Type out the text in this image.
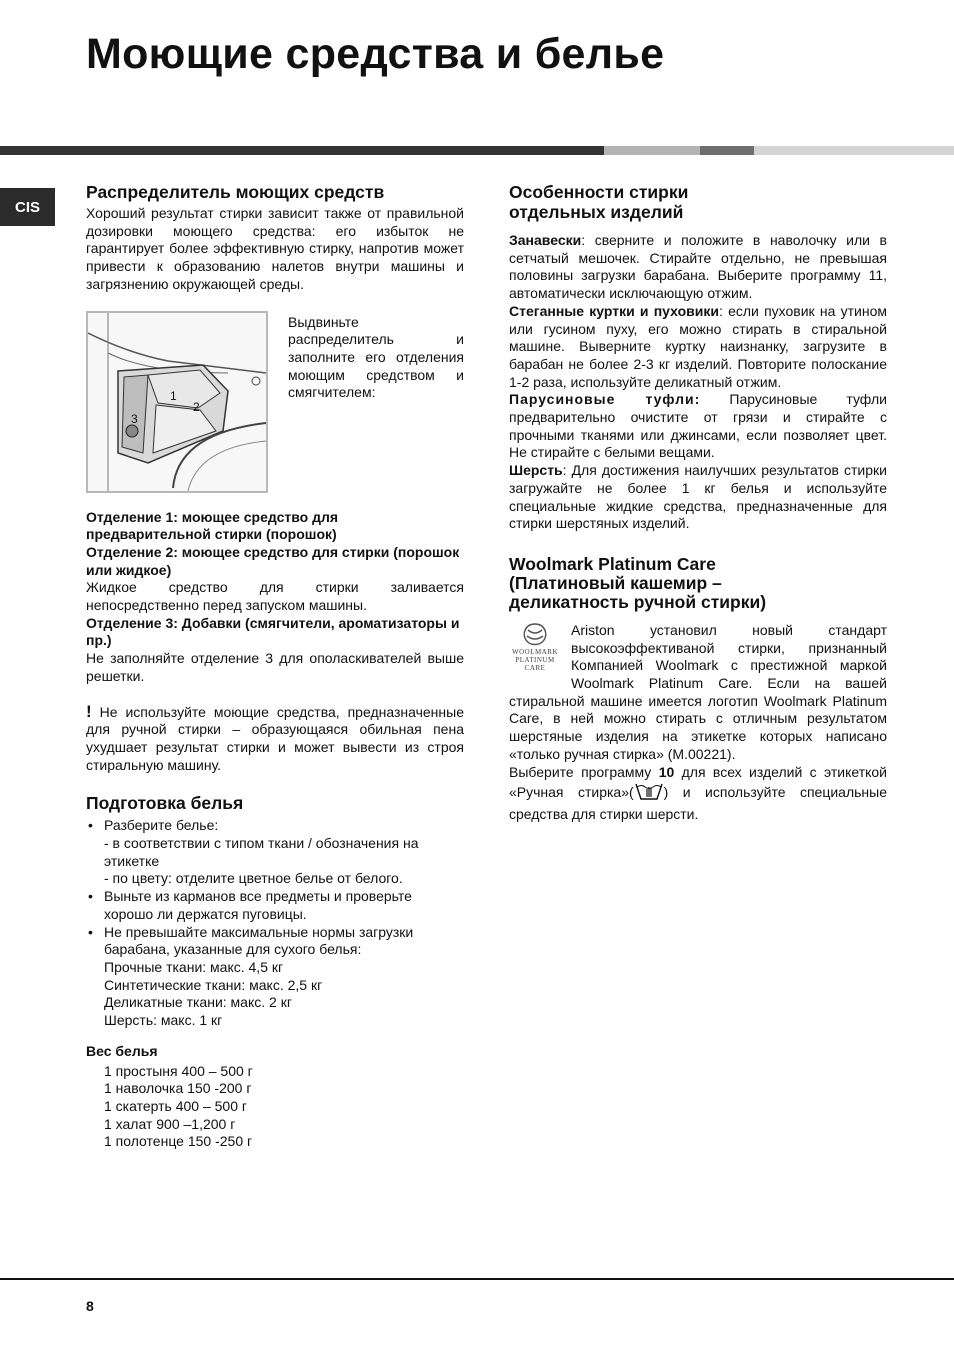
Моющие средства и белье
CIS
Распределитель моющих средств

Хороший результат стирки зависит также от правильной дозировки моющего средства: его избыток не гарантирует более эффективную стирку, напротив может привести к образованию налетов внутри машины и загрязнению окружающей среды.

1
2
3
Выдвиньте распределитель и заполните его отделения моющим средством и смягчителем:

Отделение 1: моющее средство для предварительной стирки (порошок)

Отделение 2: моющее средство для стирки (порошок или жидкое)

Жидкое средство для стирки заливается непосредственно перед запуском машины.

Отделение 3: Добавки (смягчители, ароматизаторы и пр.)

Не заполняйте отделение 3 для ополаскивателей выше решетки.

! Не используйте моющие средства, предназначенные для ручной стирки – образующаяся обильная пена ухудшает результат стирки и может вывести из строя стиральную машину.

Подготовка белья
• Разберите белье:
- в соответствии с типом ткани / обозначения на этикетке
- по цвету: отделите цветное белье от белого.
• Выньте из карманов все предметы и проверьте хорошо ли держатся пуговицы.
• Не превышайте максимальные нормы загрузки барабана, указанные для сухого белья:
Прочные ткани: макс. 4,5 кг
Синтетические ткани: макс. 2,5 кг
Деликатные ткани: макс. 2 кг
Шерсть: макс. 1 кг

Вес белья

1 простыня 400 – 500 г
1 наволочка 150 -200 г
1 скатерть 400 – 500 г
1 халат 900 –1,200 г
1 полотенце 150 -250 г
Особенности стирки отдельных изделий

Занавески: сверните и положите в наволочку или в сетчатый мешочек. Стирайте отдельно, не превышая половины загрузки барабана. Выберите программу 11, автоматически исключающую отжим.

Стеганные куртки и пуховики: если пуховик на утином или гусином пуху, его можно стирать в стиральной машине. Выверните куртку наизнанку, загрузите в барабан не более 2-3 кг изделий. Повторите полоскание 1-2 раза, используйте деликатный отжим.

Парусиновые туфли: Парусиновые туфли предварительно очистите от грязи и стирайте с прочными тканями или джинсами, если позволяет цвет. Не стирайте с белыми вещами.

Шерсть: Для достижения наилучших результатов стирки загружайте не более 1 кг белья и используйте специальные жидкие средства, предназначенные для стирки шерстяных изделий.

Woolmark Platinum Care (Платиновый кашемир – деликатность ручной стирки)
WOOLMARK
PLATINUM
CARE

Ariston установил новый стандарт высокоэффективаной стирки, признанный Компанией Woolmark с престижной маркой Woolmark Platinum Care. Если на вашей стиральной машине имеется логотип Woolmark Platinum Care, в ней можно стирать с отличным результатом шерстяные изделия на этикетке которых написано «только ручная стирка» (M.00221).

Выберите программу 10 для всех изделий с этикеткой «Ручная стирка»( ) и используйте специальные средства для стирки шерсти.

8
